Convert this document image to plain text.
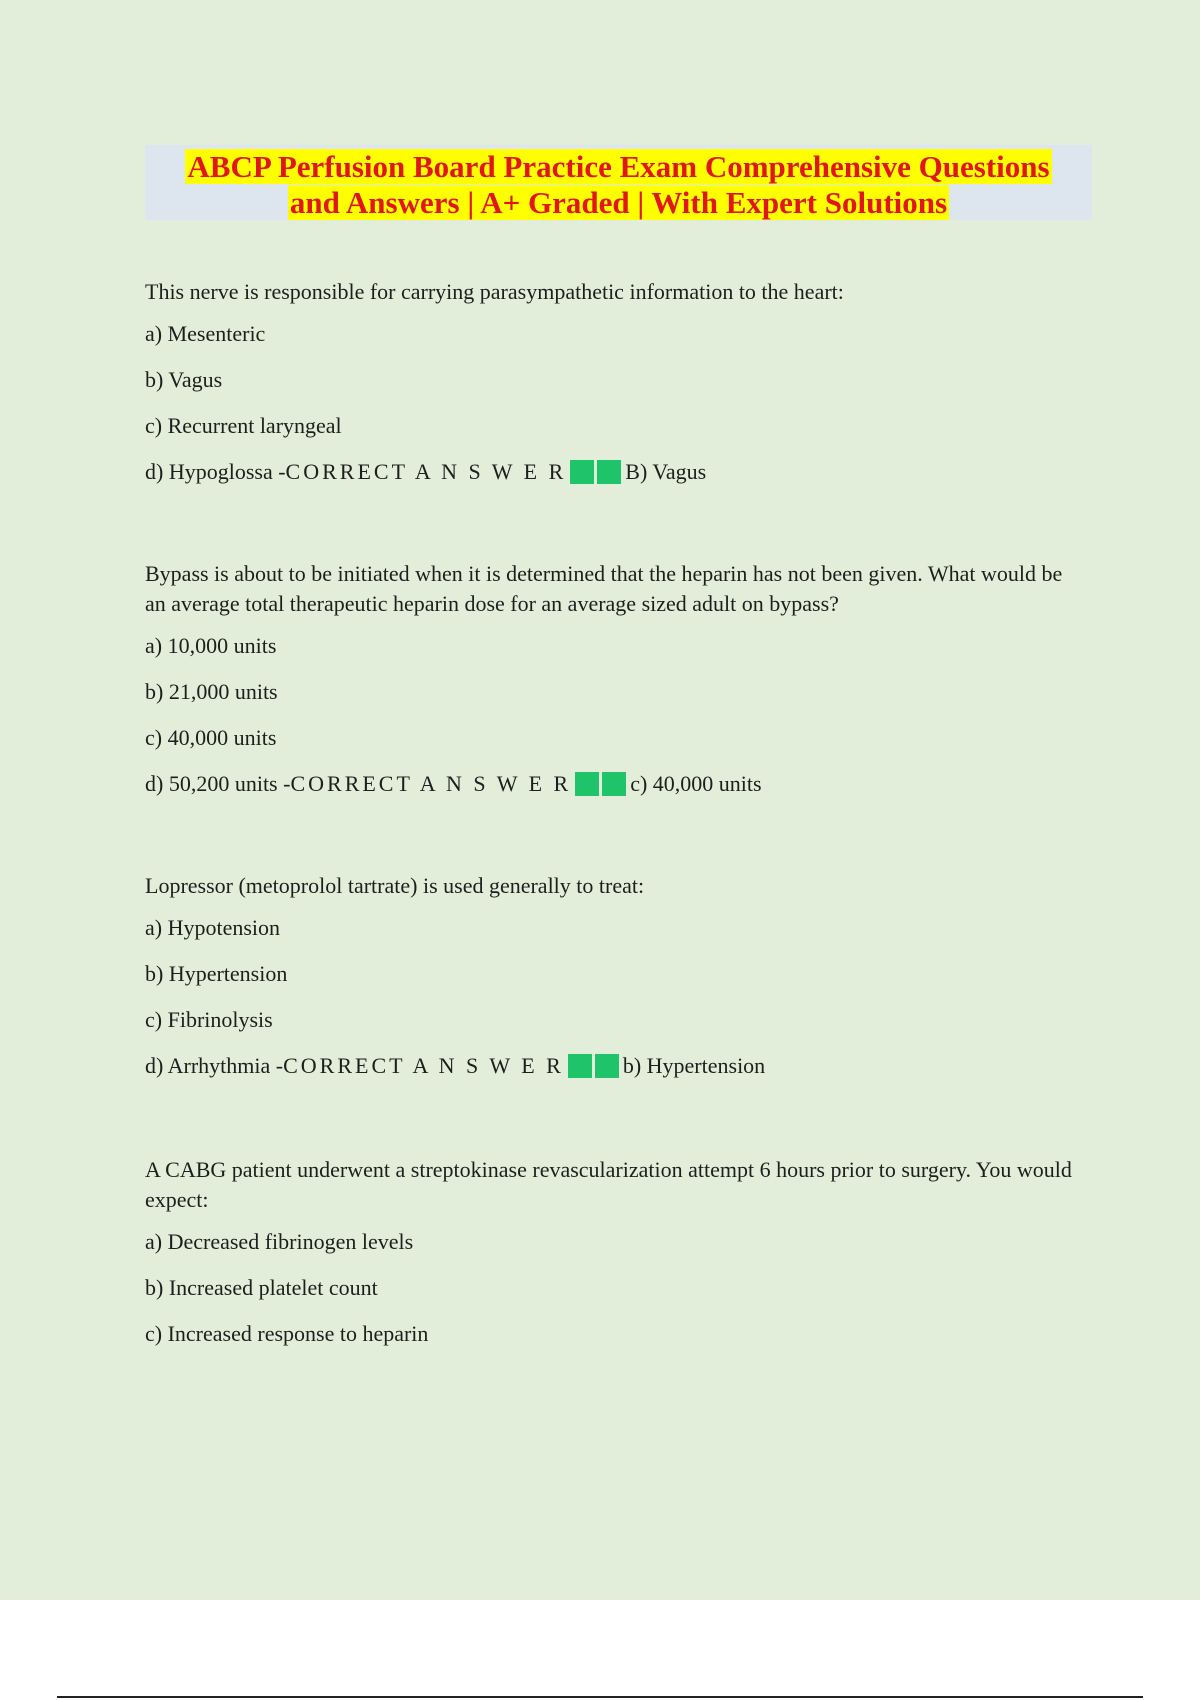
ABCP Perfusion Board Practice Exam Comprehensive Questions
and Answers | A+ Graded | With Expert Solutions

This nerve is responsible for carrying parasympathetic information to the heart:

a) Mesenteric

b) Vagus

c) Recurrent laryngeal

d) Hypoglossa - CORRECT A N S W E R	B) Vagus

Bypass is about to be initiated when it is determined that the heparin has not been given. What would be an average total therapeutic heparin dose for an average sized adult on bypass?

a) 10,000 units

b) 21,000 units

c) 40,000 units

d) 50,200 units - CORRECT A N S W E R	c) 40,000 units

Lopressor (metoprolol tartrate) is used generally to treat:

a) Hypotension

b) Hypertension

c) Fibrinolysis

d) Arrhythmia - CORRECT A N S W E R	b) Hypertension

A CABG patient underwent a streptokinase revascularization attempt 6 hours prior to surgery. You would expect:

a) Decreased fibrinogen levels

b) Increased platelet count

c) Increased response to heparin
